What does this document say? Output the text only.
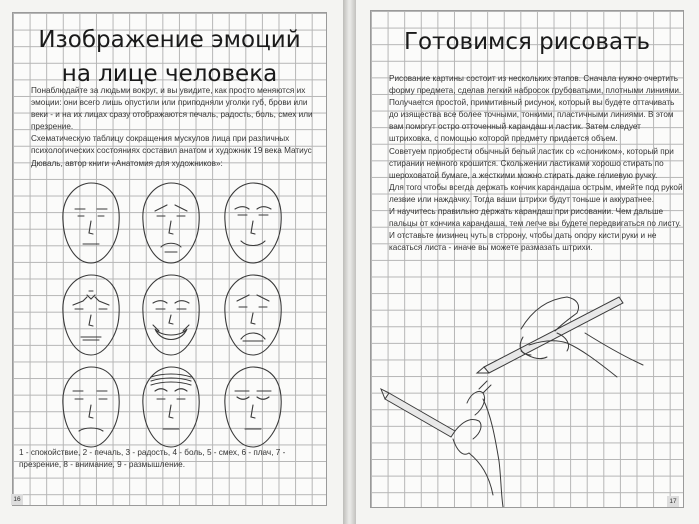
Изображение эмоций
на лице человека

Понаблюдайте за людьми вокруг, и вы увидите, как просто меняются их эмоции: они всего лишь опустили или приподняли уголки губ, брови или веки - и на их лицах сразу отображаются печаль, радость, боль, смех или презрение.

Схематическую таблицу сокращения мускулов лица при различных психологических состояниях составил анатом и художник 19 века Матиус Дюваль, автор книги «Анатомия для художников»:

1 - спокойствие, 2 - печаль, 3 - радость, 4 - боль, 5 - смех, 6 - плач, 7 - презрение, 8 - внимание, 9 - размышление.
16
Готовимся рисовать

Рисование картины состоит из нескольких этапов. Сначала нужно очертить форму предмета, сделав легкий набросок грубоватыми, плотными линиями. Получается простой, примитивный рисунок, который вы будете оттачивать до изящества все более точными, тонкими, пластичными линиями. В этом вам помогут остро отточенный карандаш и ластик. Затем следует штриховка, с помощью которой предмету придается объем.

Советуем приобрести обычный белый ластик со «слоником», который при стирании немного крошится. Скольжении ластиками хорошо стирать по шероховатой бумаге, а жесткими можно стирать даже гелиевую ручку.

Для того чтобы всегда держать кончик карандаша острым, имейте под рукой лезвие или наждачку. Тогда ваши штрихи будут тоньше и аккуратнее.

И научитесь правильно держать карандаш при рисовании. Чем дальше пальцы от кончика карандаша, тем легче вы будете передвигаться по листу. И отставьте мизинец чуть в сторону, чтобы дать опору кисти руки и не касаться листа - иначе вы можете размазать штрихи.

17
